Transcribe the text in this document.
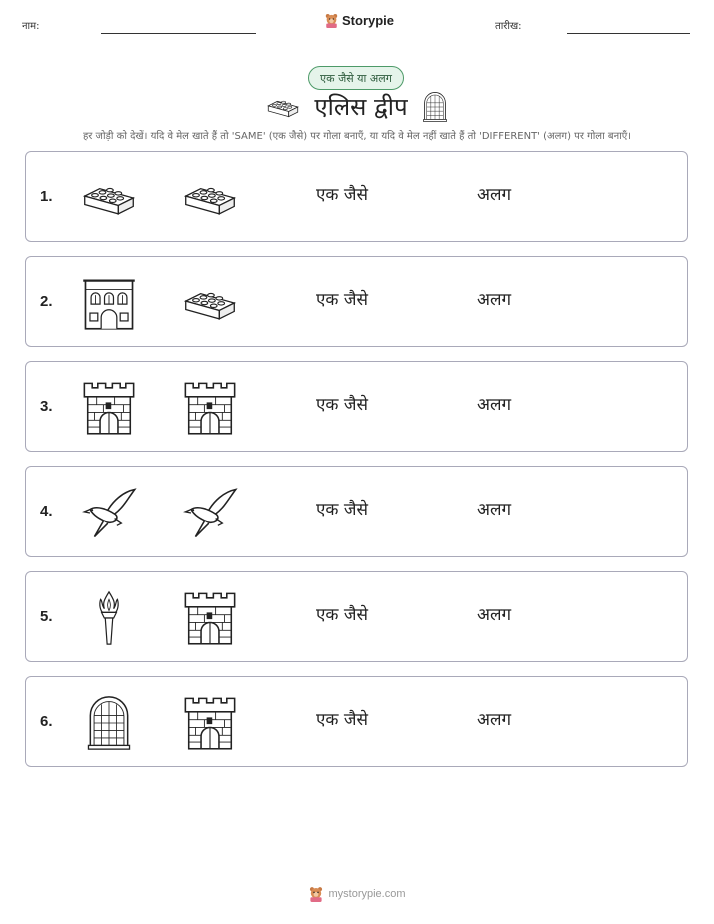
नाम:	Storypie	तारीख:
एक जैसे या अलग
एलिस द्वीप
हर जोड़ी को देखें। यदि वे मेल खाते हैं तो 'SAME' (एक जैसे) पर गोला बनाएँ, या यदि वे मेल नहीं खाते हैं तो 'DIFFERENT' (अलग) पर गोला बनाएँ।
1.	एक जैसे	अलग
2.	एक जैसे	अलग
3.	एक जैसे	अलग
4.	एक जैसे	अलग
5.	एक जैसे	अलग
6.	एक जैसे	अलग
mystorypie.com
